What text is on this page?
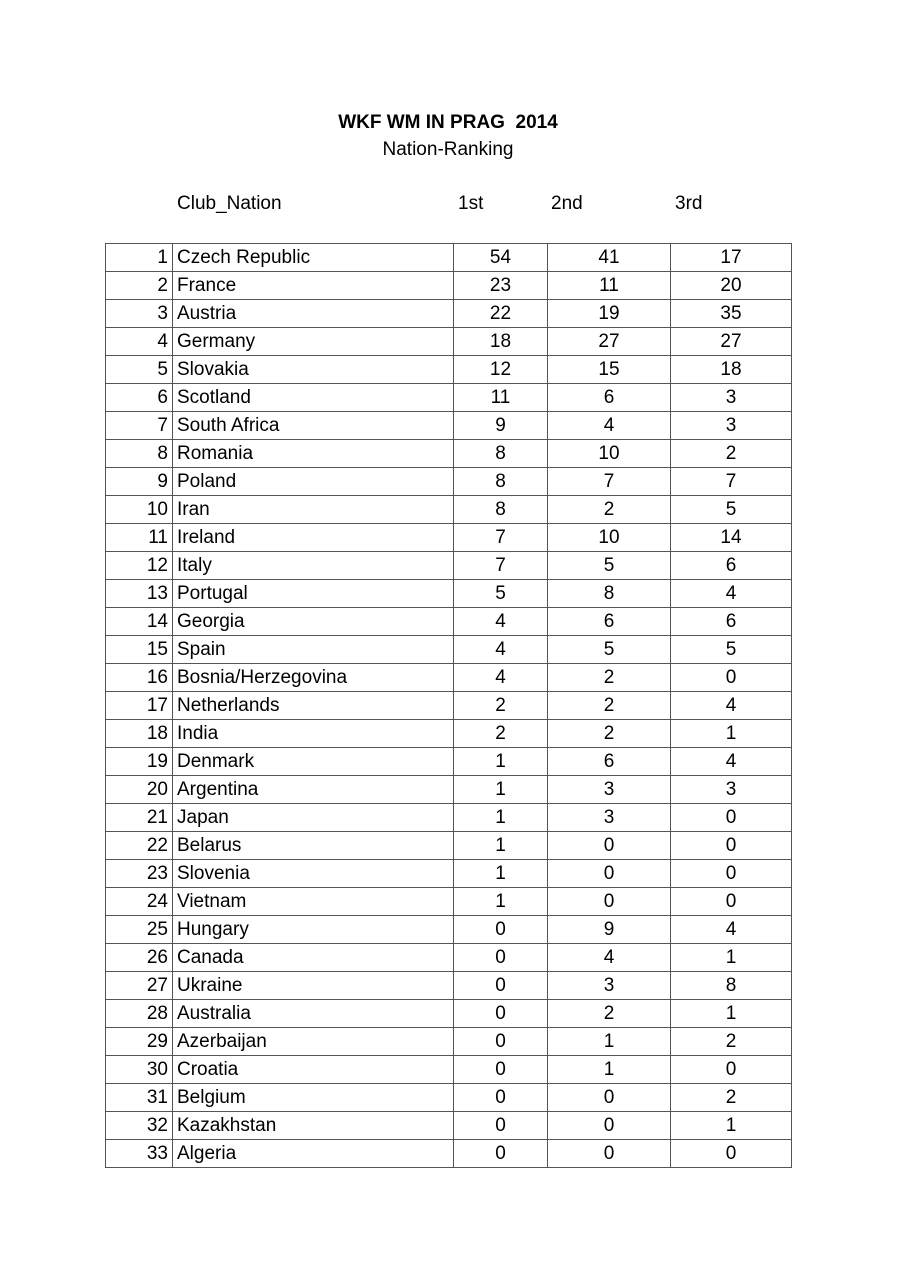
WKF WM IN PRAG  2014
Nation-Ranking
Club_Nation	1st	2nd	3rd
1	Czech Republic	54	41	17
2	France	23	11	20
3	Austria	22	19	35
4	Germany	18	27	27
5	Slovakia	12	15	18
6	Scotland	11	6	3
7	South Africa	9	4	3
8	Romania	8	10	2
9	Poland	8	7	7
10	Iran	8	2	5
11	Ireland	7	10	14
12	Italy	7	5	6
13	Portugal	5	8	4
14	Georgia	4	6	6
15	Spain	4	5	5
16	Bosnia/Herzegovina	4	2	0
17	Netherlands	2	2	4
18	India	2	2	1
19	Denmark	1	6	4
20	Argentina	1	3	3
21	Japan	1	3	0
22	Belarus	1	0	0
23	Slovenia	1	0	0
24	Vietnam	1	0	0
25	Hungary	0	9	4
26	Canada	0	4	1
27	Ukraine	0	3	8
28	Australia	0	2	1
29	Azerbaijan	0	1	2
30	Croatia	0	1	0
31	Belgium	0	0	2
32	Kazakhstan	0	0	1
33	Algeria	0	0	0
